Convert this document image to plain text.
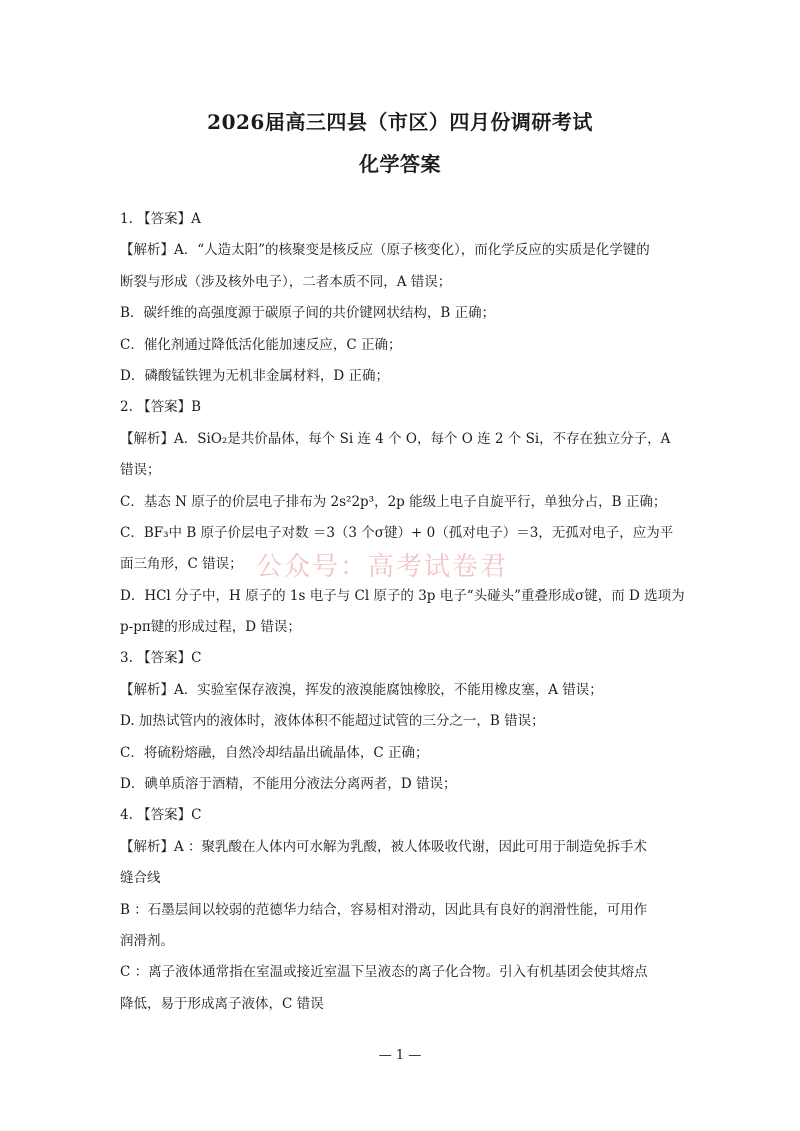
2026届高三四县（市区）四月份调研考试
化学答案
1. 【答案】A
【解析】A．“人造太阳”的核聚变是核反应（原子核变化），而化学反应的实质是化学键的
断裂与形成（涉及核外电子），二者本质不同，A 错误；
B．碳纤维的高强度源于碳原子间的共价键网状结构，B 正确；
C．催化剂通过降低活化能加速反应，C 正确；
D．磷酸锰铁锂为无机非金属材料，D 正确；
2. 【答案】B
【解析】A．SiO₂是共价晶体，每个 Si 连 4 个 O，每个 O 连 2 个 Si，不存在独立分子，A
错误；
C．基态 N 原子的价层电子排布为 2s²2p³，2p 能级上电子自旋平行，单独分占，B 正确；
C．BF₃中 B 原子价层电子对数 ＝3（3 个σ键）+ 0（孤对电子）＝3，无孤对电子，应为平
面三角形，C 错误；
D．HCl 分子中，H 原子的 1s 电子与 Cl 原子的 3p 电子“头碰头”重叠形成σ键，而 D 选项为
p-pπ键的形成过程，D 错误；
3. 【答案】C
【解析】A．实验室保存液溴，挥发的液溴能腐蚀橡胶，不能用橡皮塞，A 错误；
D. 加热试管内的液体时，液体体积不能超过试管的三分之一，B 错误；
C．将硫粉熔融，自然冷却结晶出硫晶体，C 正确；
D．碘单质溶于酒精，不能用分液法分离两者，D 错误；
4. 【答案】C
【解析】A ：聚乳酸在人体内可水解为乳酸，被人体吸收代谢，因此可用于制造免拆手术
缝合线
B ：石墨层间以较弱的范德华力结合，容易相对滑动，因此具有良好的润滑性能，可用作
润滑剂。
C ：离子液体通常指在室温或接近室温下呈液态的离子化合物。引入有机基团会使其熔点
降低，易于形成离子液体，C 错误
公众号：高考试卷君
— 1 —
